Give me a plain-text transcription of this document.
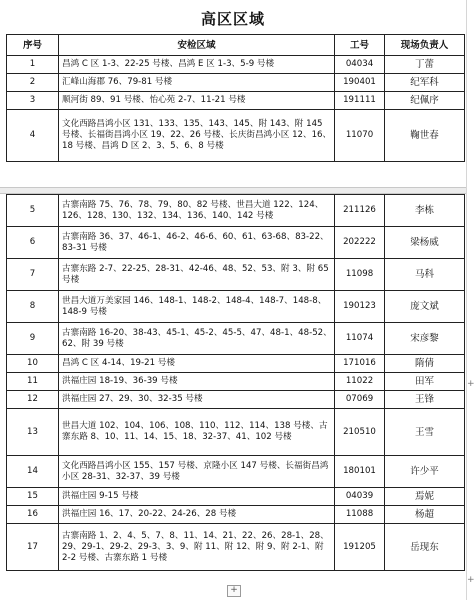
高区区域
序号	安检区域	工号	现场负责人
1	昌鸿 C 区 1-3、22-25 号楼、昌鸿 E 区 1-3、5-9 号楼	04034	丁蕾
2	汇峰山海郡 76、79-81 号楼	190401	纪军科
3	顺河街 89、91 号楼、怡心苑 2-7、11-21 号楼	191111	纪佩序
4	文化西路昌鸿小区 131、133、135、143、145、附 143、附 145 号楼、长福街昌鸿小区 19、22、26 号楼、长庆街昌鸿小区 12、16、18 号楼、昌鸿 D 区 2、3、5、6、8 号楼	11070	鞠世春
5	古寨南路 75、76、78、79、80、82 号楼、世昌大道 122、124、126、128、130、132、134、136、140、142 号楼	211126	李栋
6	古寨南路 36、37、46-1、46-2、46-6、60、61、63-68、83-22、83-31 号楼	202222	梁杨威
7	古寨东路 2-7、22-25、28-31、42-46、48、52、53、附 3、附 65 号楼	11098	马科
8	世昌大道万美家园 146、148-1、148-2、148-4、148-7、148-8、148-9 号楼	190123	庞文斌
9	古寨南路 16-20、38-43、45-1、45-2、45-5、47、48-1、48-52、62、附 39 号楼	11074	宋彦黎
10	昌鸿 C 区 4-14、19-21 号楼	171016	隋倩
11	洪福庄园 18-19、36-39 号楼	11022	田军
12	洪福庄园 27、29、30、32-35 号楼	07069	王锋
13	世昌大道 102、104、106、108、110、112、114、138 号楼、古寨东路 8、10、11、14、15、18、32-37、41、102 号楼	210510	王雪
14	文化西路昌鸿小区 155、157 号楼、京隆小区 147 号楼、长福街昌鸿小区 28-31、32-37、39 号楼	180101	许少平
15	洪福庄园 9-15 号楼	04039	焉妮
16	洪福庄园 16、17、20-22、24-26、28 号楼	11088	杨超
17	古寨南路 1、2、4、5、7、8、11、14、21、22、26、28-1、28、29、29-1、29-2、29-3、3、9、附 11、附 12、附 9、附 2-1、附 2-2 号楼、古寨东路 1 号楼	191205	岳现东
+
+
+
